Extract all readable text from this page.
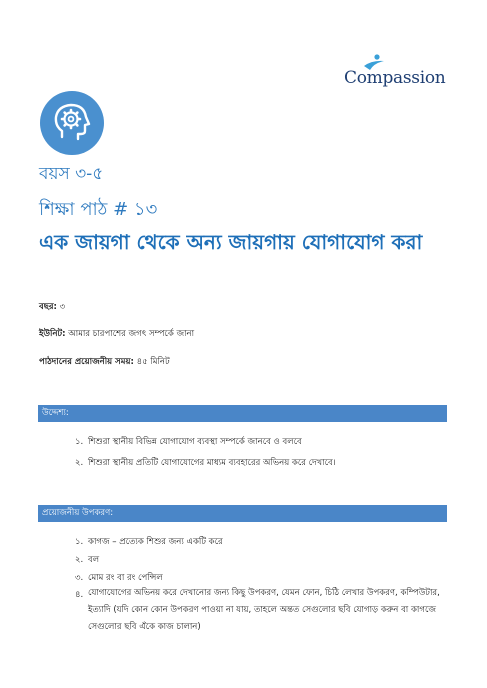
Compassion
বয়স ৩-৫
শিক্ষা পাঠ # ১৩
এক জায়গা থেকে অন্য জায়গায় যোগাযোগ করা
বছর: ৩
ইউনিট: আমার চারপাশের জগৎ সম্পর্কে জানা
পাঠদানের প্রয়োজনীয় সময়: ৪৫ মিনিট
উদ্দেশ্য:
১. শিশুরা স্থানীয় বিভিন্ন যোগাযোগ ব্যবস্থা সম্পর্কে জানবে ও বলবে
২. শিশুরা স্থানীয় প্রতিটি যোগাযোগের মাধ্যম ব্যবহারের অভিনয় করে দেখাবে।
প্রয়োজনীয় উপকরণ:
১. কাগজ – প্রত্যেক শিশুর জন্য একটি করে
২. বল
৩. মোম রং বা রং পেন্সিল
৪. যোগাযোগের অভিনয় করে দেখানোর জন্য কিছু উপকরণ, যেমন ফোন, চিঠি লেখার উপকরণ, কম্পিউটার, ইত্যাদি (যদি কোন কোন উপকরণ পাওয়া না যায়, তাহলে অন্তত সেগুলোর ছবি যোগাড় করুন বা কাগজে সেগুলোর ছবি এঁকে কাজ চালান)
